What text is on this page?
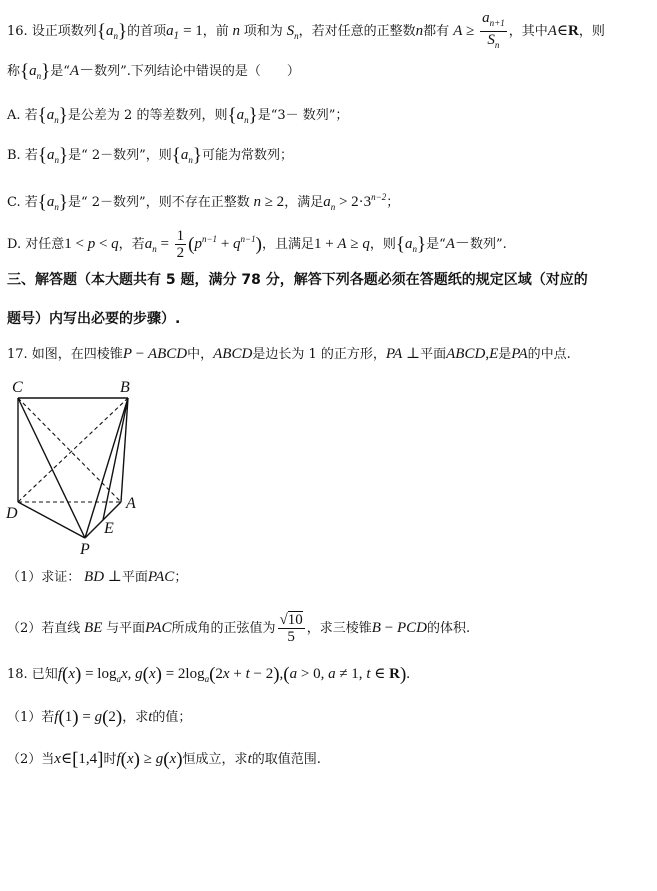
16. 设正项数列$\{a_n\}$的首项$a_1 = 1$，前 n 项和为 $S_n$，若对任意的正整数n都有 $A \ge \frac{a_{n+1}}{S_n}$ ，其中A∈R，则
称$\{a_n\}$是“A－数列”.下列结论中错误的是（　　）
A. 若$\{a_n\}$是公差为 2 的等差数列，则$\{a_n\}$是“3－ 数列”；
B. 若$\{a_n\}$是“ 2－数列”，则$\{a_n\}$可能为常数列；
C. 若$\{a_n\}$是“ 2－数列”，则不存在正整数 n ≥ 2，满足$a_n > 2\cdot 3^{n-2}$；
D. 对任意1 < p < q，若$a_n = \frac{1}{2} (p^{n-1} + q^{n-1})$，且满足1 + A ≥ q，则$\{a_n\}$是“A－数列”.
三、解答题（本大题共有 5 题，满分 78 分，解答下列各题必须在答题纸的规定区域（对应的
题号）内写出必要的步骤）.
17. 如图，在四棱锥P − ABCD中，ABCD是边长为 1 的正方形，PA ⊥平面ABCD,E是PA的中点.
C	B
D
A
E
P
（1）求证： BD ⊥平面PAC；
（2）若直线 BE 与平面PAC所成角的正弦值为 $\frac{√10}{5}$ ，求三棱锥B − PCD的体积.
18. 已知$f(x) = \log_ax$, $g(x) = 2\log_a(2x + t - 2),(a > 0$, a ≠ 1, t ∈ R).
（1）若f(1) = g(2)，求t的值；
（2）当x∈[1,4]时f(x) ≥ g(x)恒成立，求t的取值范围.
